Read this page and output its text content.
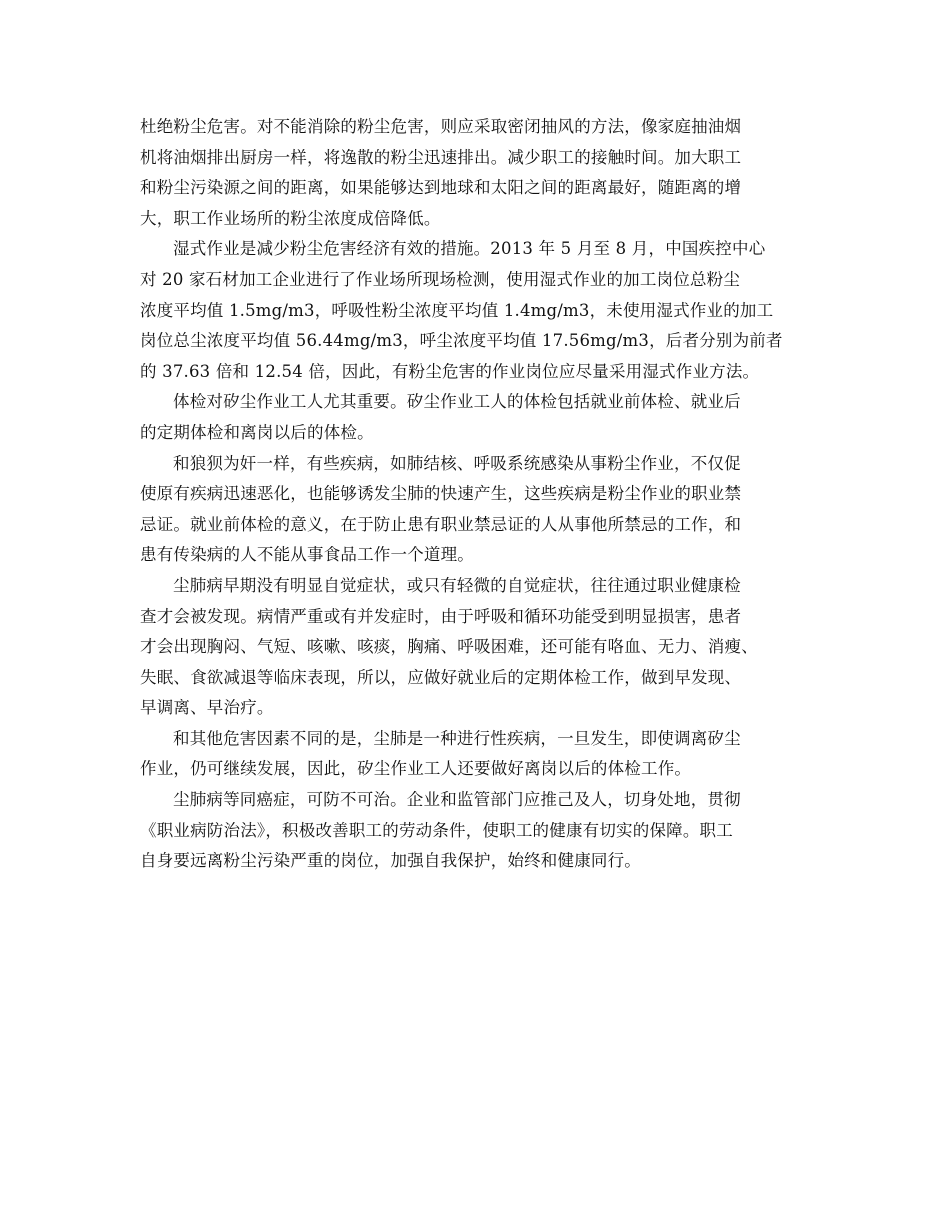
杜绝粉尘危害。对不能消除的粉尘危害，则应采取密闭抽风的方法，像家庭抽油烟
机将油烟排出厨房一样，将逸散的粉尘迅速排出。减少职工的接触时间。加大职工
和粉尘污染源之间的距离，如果能够达到地球和太阳之间的距离最好，随距离的增
大，职工作业场所的粉尘浓度成倍降低。
湿式作业是减少粉尘危害经济有效的措施。2013 年 5 月至 8 月，中国疾控中心
对 20 家石材加工企业进行了作业场所现场检测，使用湿式作业的加工岗位总粉尘
浓度平均值 1.5mg/m3，呼吸性粉尘浓度平均值 1.4mg/m3，未使用湿式作业的加工
岗位总尘浓度平均值 56.44mg/m3，呼尘浓度平均值 17.56mg/m3，后者分别为前者
的 37.63 倍和 12.54 倍，因此，有粉尘危害的作业岗位应尽量采用湿式作业方法。
体检对矽尘作业工人尤其重要。矽尘作业工人的体检包括就业前体检、就业后
的定期体检和离岗以后的体检。
和狼狈为奸一样，有些疾病，如肺结核、呼吸系统感染从事粉尘作业，不仅促
使原有疾病迅速恶化，也能够诱发尘肺的快速产生，这些疾病是粉尘作业的职业禁
忌证。就业前体检的意义，在于防止患有职业禁忌证的人从事他所禁忌的工作，和
患有传染病的人不能从事食品工作一个道理。
尘肺病早期没有明显自觉症状，或只有轻微的自觉症状，往往通过职业健康检
查才会被发现。病情严重或有并发症时，由于呼吸和循环功能受到明显损害，患者
才会出现胸闷、气短、咳嗽、咳痰，胸痛、呼吸困难，还可能有咯血、无力、消瘦、
失眠、食欲减退等临床表现，所以，应做好就业后的定期体检工作，做到早发现、
早调离、早治疗。
和其他危害因素不同的是，尘肺是一种进行性疾病，一旦发生，即使调离矽尘
作业，仍可继续发展，因此，矽尘作业工人还要做好离岗以后的体检工作。
尘肺病等同癌症，可防不可治。企业和监管部门应推己及人，切身处地，贯彻
《职业病防治法》，积极改善职工的劳动条件，使职工的健康有切实的保障。职工
自身要远离粉尘污染严重的岗位，加强自我保护，始终和健康同行。
